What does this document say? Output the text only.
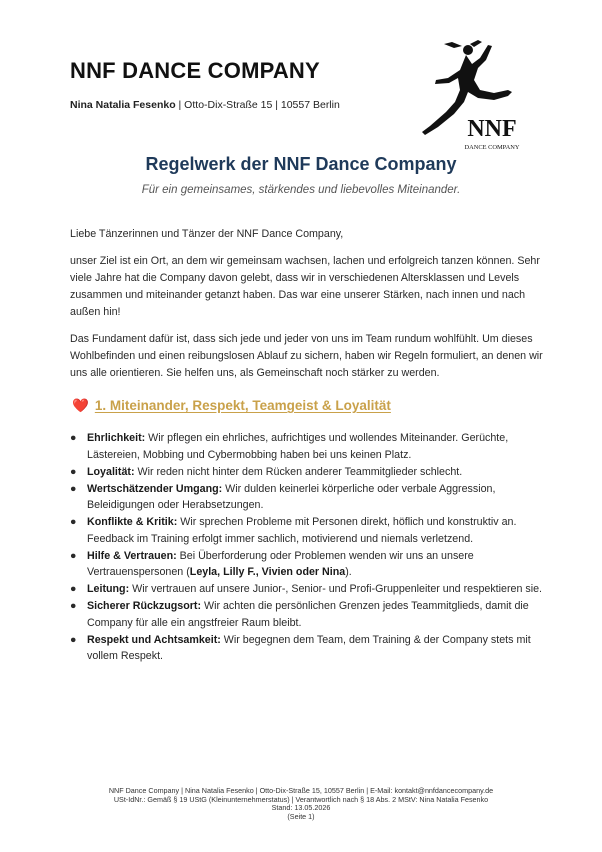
NNF DANCE COMPANY
Nina Natalia Fesenko | Otto-Dix-Straße 15 | 10557 Berlin
NNF
DANCE COMPANY
Regelwerk der NNF Dance Company
Für ein gemeinsames, stärkendes und liebevolles Miteinander.

Liebe Tänzerinnen und Tänzer der NNF Dance Company,

unser Ziel ist ein Ort, an dem wir gemeinsam wachsen, lachen und erfolgreich tanzen können. Sehr viele Jahre hat die Company davon gelebt, dass wir in verschiedenen Altersklassen und Levels zusammen und miteinander getanzt haben. Das war eine unserer Stärken, nach innen und nach außen hin!

Das Fundament dafür ist, dass sich jede und jeder von uns im Team rundum wohlfühlt. Um dieses Wohlbefinden und einen reibungslosen Ablauf zu sichern, haben wir Regeln formuliert, an denen wir uns alle orientieren. Sie helfen uns, als Gemeinschaft noch stärker zu werden.

❤️ 1. Miteinander, Respekt, Teamgeist & Loyalität
● Ehrlichkeit: Wir pflegen ein ehrliches, aufrichtiges und wollendes Miteinander. Gerüchte, Lästereien, Mobbing und Cybermobbing haben bei uns keinen Platz.
● Loyalität: Wir reden nicht hinter dem Rücken anderer Teammitglieder schlecht.
● Wertschätzender Umgang: Wir dulden keinerlei körperliche oder verbale Aggression, Beleidigungen oder Herabsetzungen.
● Konflikte & Kritik: Wir sprechen Probleme mit Personen direkt, höflich und konstruktiv an. Feedback im Training erfolgt immer sachlich, motivierend und niemals verletzend.
● Hilfe & Vertrauen: Bei Überforderung oder Problemen wenden wir uns an unsere Vertrauenspersonen (Leyla, Lilly F., Vivien oder Nina).
● Leitung: Wir vertrauen auf unsere Junior-, Senior- und Profi-Gruppenleiter und respektieren sie.
● Sicherer Rückzugsort: Wir achten die persönlichen Grenzen jedes Teammitglieds, damit die Company für alle ein angstfreier Raum bleibt.
● Respekt und Achtsamkeit: Wir begegnen dem Team, dem Training & der Company stets mit vollem Respekt.
NNF Dance Company | Nina Natalia Fesenko | Otto-Dix-Straße 15, 10557 Berlin | E-Mail: kontakt@nnfdancecompany.de
USt-IdNr.: Gemäß § 19 UStG (Kleinunternehmerstatus) | Verantwortlich nach § 18 Abs. 2 MStV: Nina Natalia Fesenko
Stand: 13.05.2026
(Seite 1)
